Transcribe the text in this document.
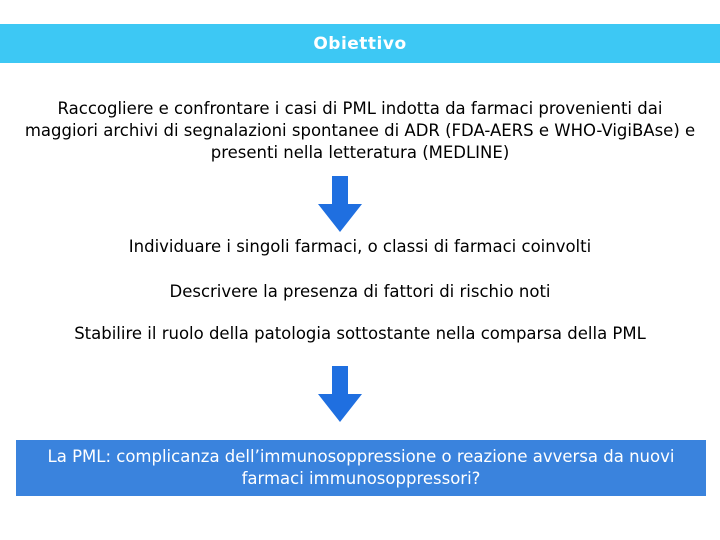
Obiettivo
Raccogliere e confrontare i casi di PML indotta da farmaci provenienti dai maggiori archivi di segnalazioni spontanee di ADR (FDA-AERS e WHO-VigiBAse) e presenti nella letteratura (MEDLINE)
Individuare i singoli farmaci, o classi di farmaci coinvolti
Descrivere la presenza di fattori di rischio noti
Stabilire il ruolo della patologia sottostante nella comparsa della PML
La PML: complicanza dell’immunosoppressione o reazione avversa da nuovi farmaci immunosoppressori?
